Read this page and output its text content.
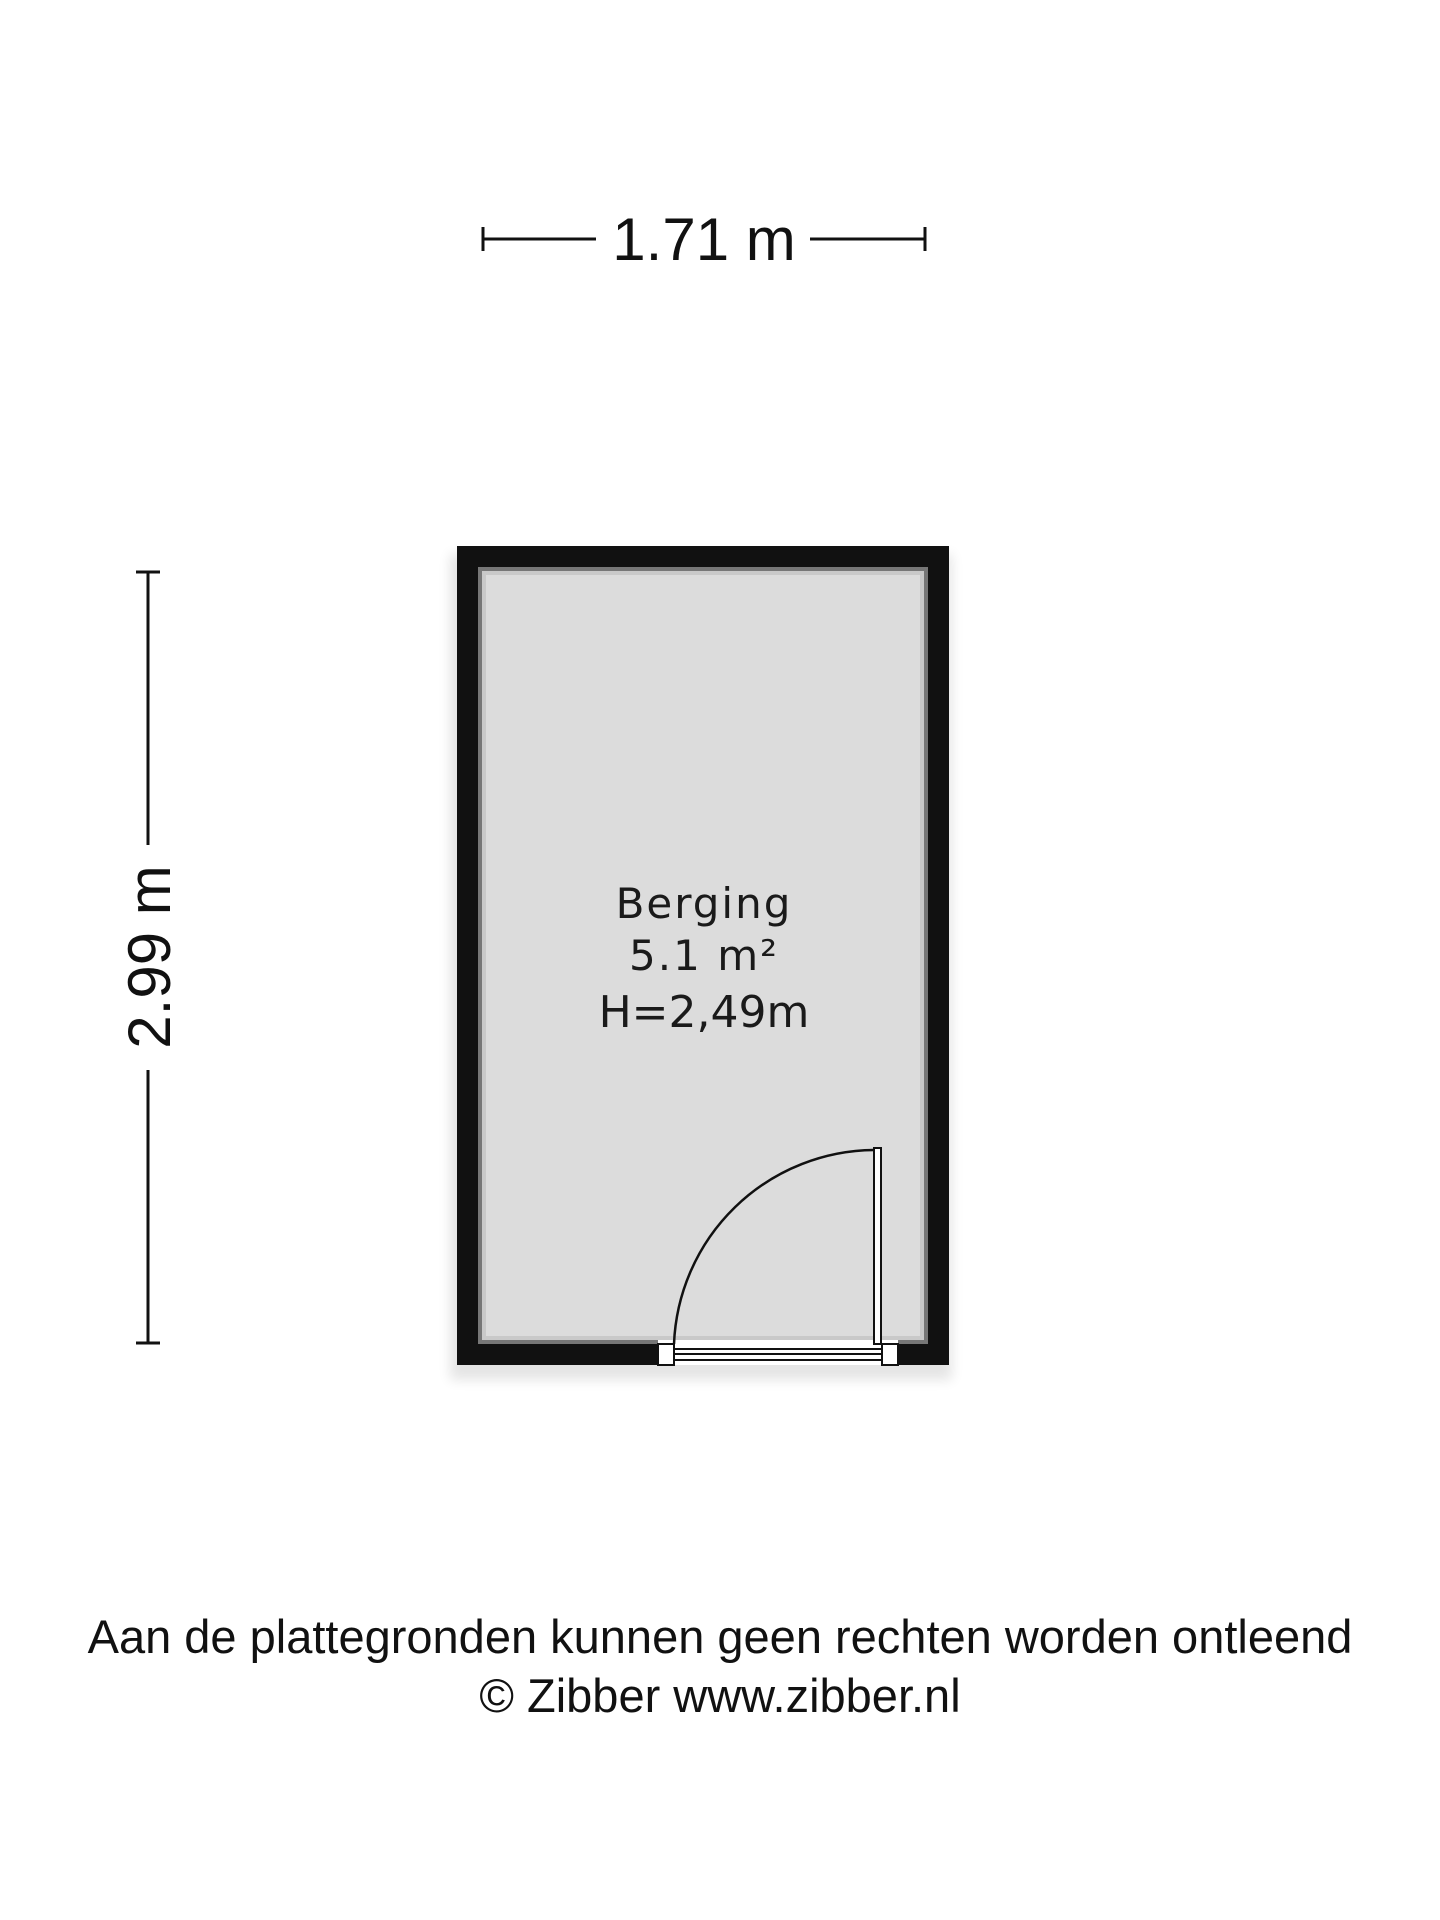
1.71 m
2.99 m	Berging
5.1 m²
H=2,49m
Aan de plattegronden kunnen geen rechten worden ontleend
© Zibber www.zibber.nl
